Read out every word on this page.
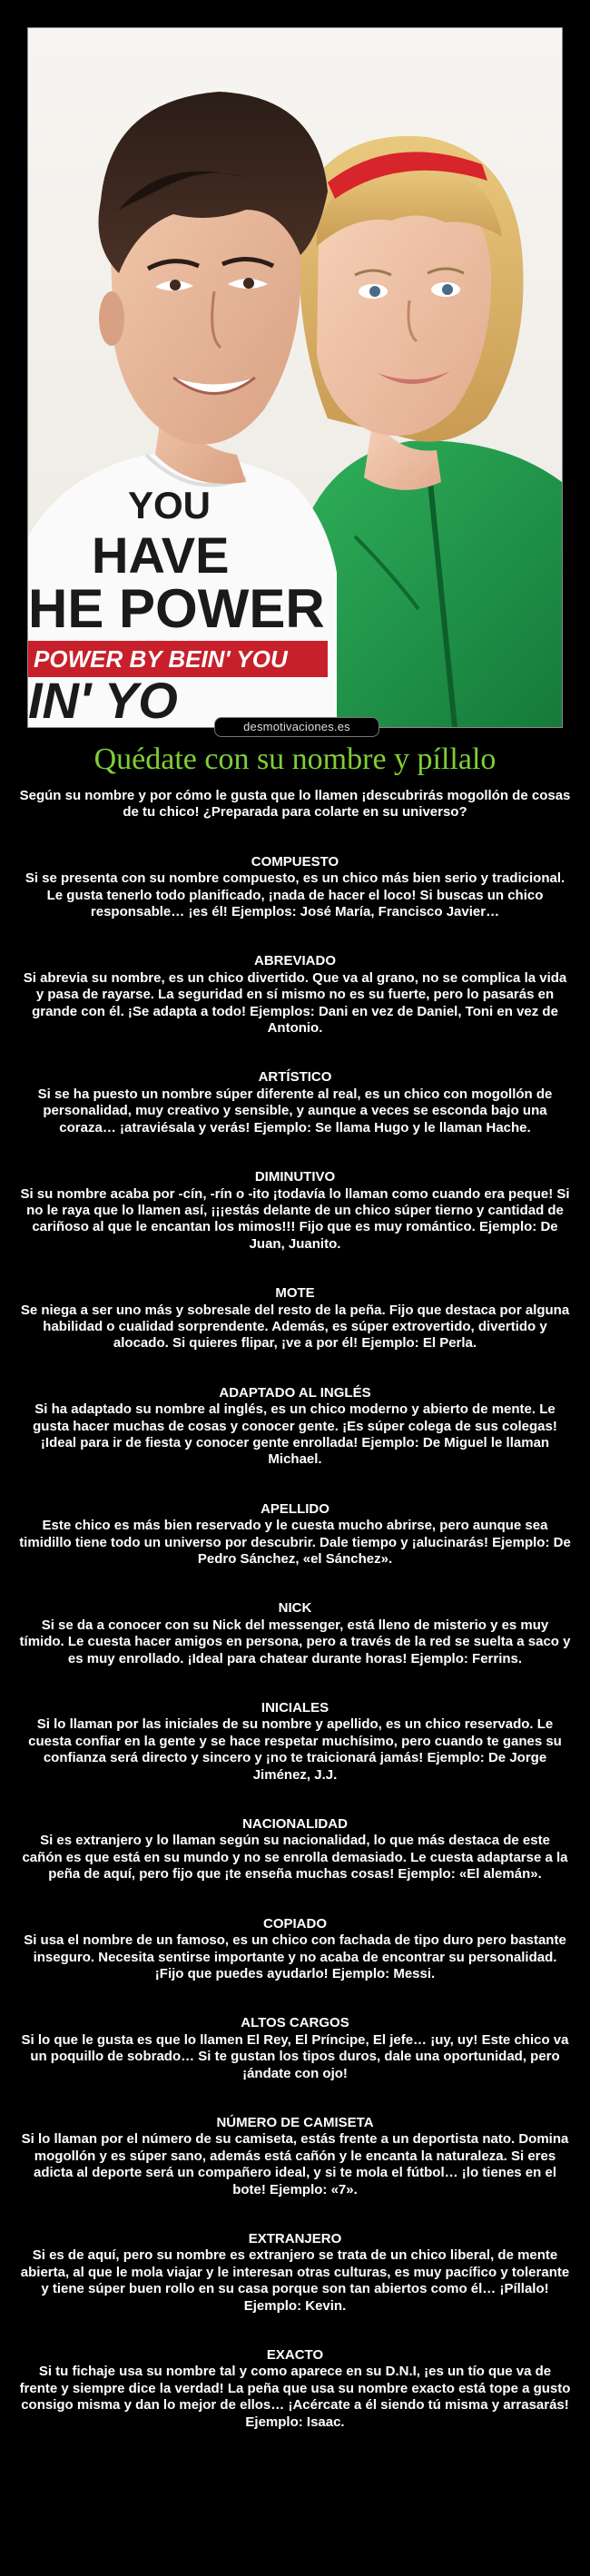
HAVE
HE POWER
POWER BY BEIN' YOU
IN' YO
YOU
desmotivaciones.es
Quédate con su nombre y píllalo

Según su nombre y por cómo le gusta que lo llamen ¡descubrirás mogollón de cosas de tu chico! ¿Preparada para colarte en su universo?

COMPUESTO

Si se presenta con su nombre compuesto, es un chico más bien serio y tradicional. Le gusta tenerlo todo planificado, ¡nada de hacer el loco! Si buscas un chico responsable… ¡es él! Ejemplos: José María, Francisco Javier…

ABREVIADO

Si abrevia su nombre, es un chico divertido. Que va al grano, no se complica la vida y pasa de rayarse. La seguridad en sí mismo no es su fuerte, pero lo pasarás en grande con él. ¡Se adapta a todo! Ejemplos: Dani en vez de Daniel, Toni en vez de Antonio.

ARTÍSTICO

Si se ha puesto un nombre súper diferente al real, es un chico con mogollón de personalidad, muy creativo y sensible, y aunque a veces se esconda bajo una coraza… ¡atraviésala y verás! Ejemplo: Se llama Hugo y le llaman Hache.

DIMINUTIVO

Si su nombre acaba por -cín, -rín o -ito ¡todavía lo llaman como cuando era peque! Si no le raya que lo llamen así, ¡¡¡estás delante de un chico súper tierno y cantidad de cariñoso al que le encantan los mimos!!! Fijo que es muy romántico. Ejemplo: De Juan, Juanito.

MOTE

Se niega a ser uno más y sobresale del resto de la peña. Fijo que destaca por alguna habilidad o cualidad sorprendente. Además, es súper extrovertido, divertido y alocado. Si quieres flipar, ¡ve a por él! Ejemplo: El Perla.

ADAPTADO AL INGLÉS

Si ha adaptado su nombre al inglés, es un chico moderno y abierto de mente. Le gusta hacer muchas de cosas y conocer gente. ¡Es súper colega de sus colegas! ¡Ideal para ir de fiesta y conocer gente enrollada! Ejemplo: De Miguel le llaman Michael.

APELLIDO

Este chico es más bien reservado y le cuesta mucho abrirse, pero aunque sea timidillo tiene todo un universo por descubrir. Dale tiempo y ¡alucinarás! Ejemplo: De Pedro Sánchez, «el Sánchez».

NICK

Si se da a conocer con su Nick del messenger, está lleno de misterio y es muy tímido. Le cuesta hacer amigos en persona, pero a través de la red se suelta a saco y es muy enrollado. ¡Ideal para chatear durante horas! Ejemplo: Ferrins.

INICIALES

Si lo llaman por las iniciales de su nombre y apellido, es un chico reservado. Le cuesta confiar en la gente y se hace respetar muchísimo, pero cuando te ganes su confianza será directo y sincero y ¡no te traicionará jamás! Ejemplo: De Jorge Jiménez, J.J.

NACIONALIDAD

Si es extranjero y lo llaman según su nacionalidad, lo que más destaca de este cañón es que está en su mundo y no se enrolla demasiado. Le cuesta adaptarse a la peña de aquí, pero fijo que ¡te enseña muchas cosas! Ejemplo: «El alemán».

COPIADO

Si usa el nombre de un famoso, es un chico con fachada de tipo duro pero bastante inseguro. Necesita sentirse importante y no acaba de encontrar su personalidad. ¡Fijo que puedes ayudarlo! Ejemplo: Messi.

ALTOS CARGOS

Si lo que le gusta es que lo llamen El Rey, El Príncipe, El jefe… ¡uy, uy! Este chico va un poquillo de sobrado… Si te gustan los tipos duros, dale una oportunidad, pero ¡ándate con ojo!

NÚMERO DE CAMISETA

Si lo llaman por el número de su camiseta, estás frente a un deportista nato. Domina mogollón y es súper sano, además está cañón y le encanta la naturaleza. Si eres adicta al deporte será un compañero ideal, y si te mola el fútbol… ¡lo tienes en el bote! Ejemplo: «7».

EXTRANJERO

Si es de aquí, pero su nombre es extranjero se trata de un chico liberal, de mente abierta, al que le mola viajar y le interesan otras culturas, es muy pacífico y tolerante y tiene súper buen rollo en su casa porque son tan abiertos como él… ¡Píllalo! Ejemplo: Kevin.

EXACTO

Si tu fichaje usa su nombre tal y como aparece en su D.N.I, ¡es un tío que va de frente y siempre dice la verdad! La peña que usa su nombre exacto está tope a gusto consigo misma y dan lo mejor de ellos… ¡Acércate a él siendo tú misma y arrasarás! Ejemplo: Isaac.
